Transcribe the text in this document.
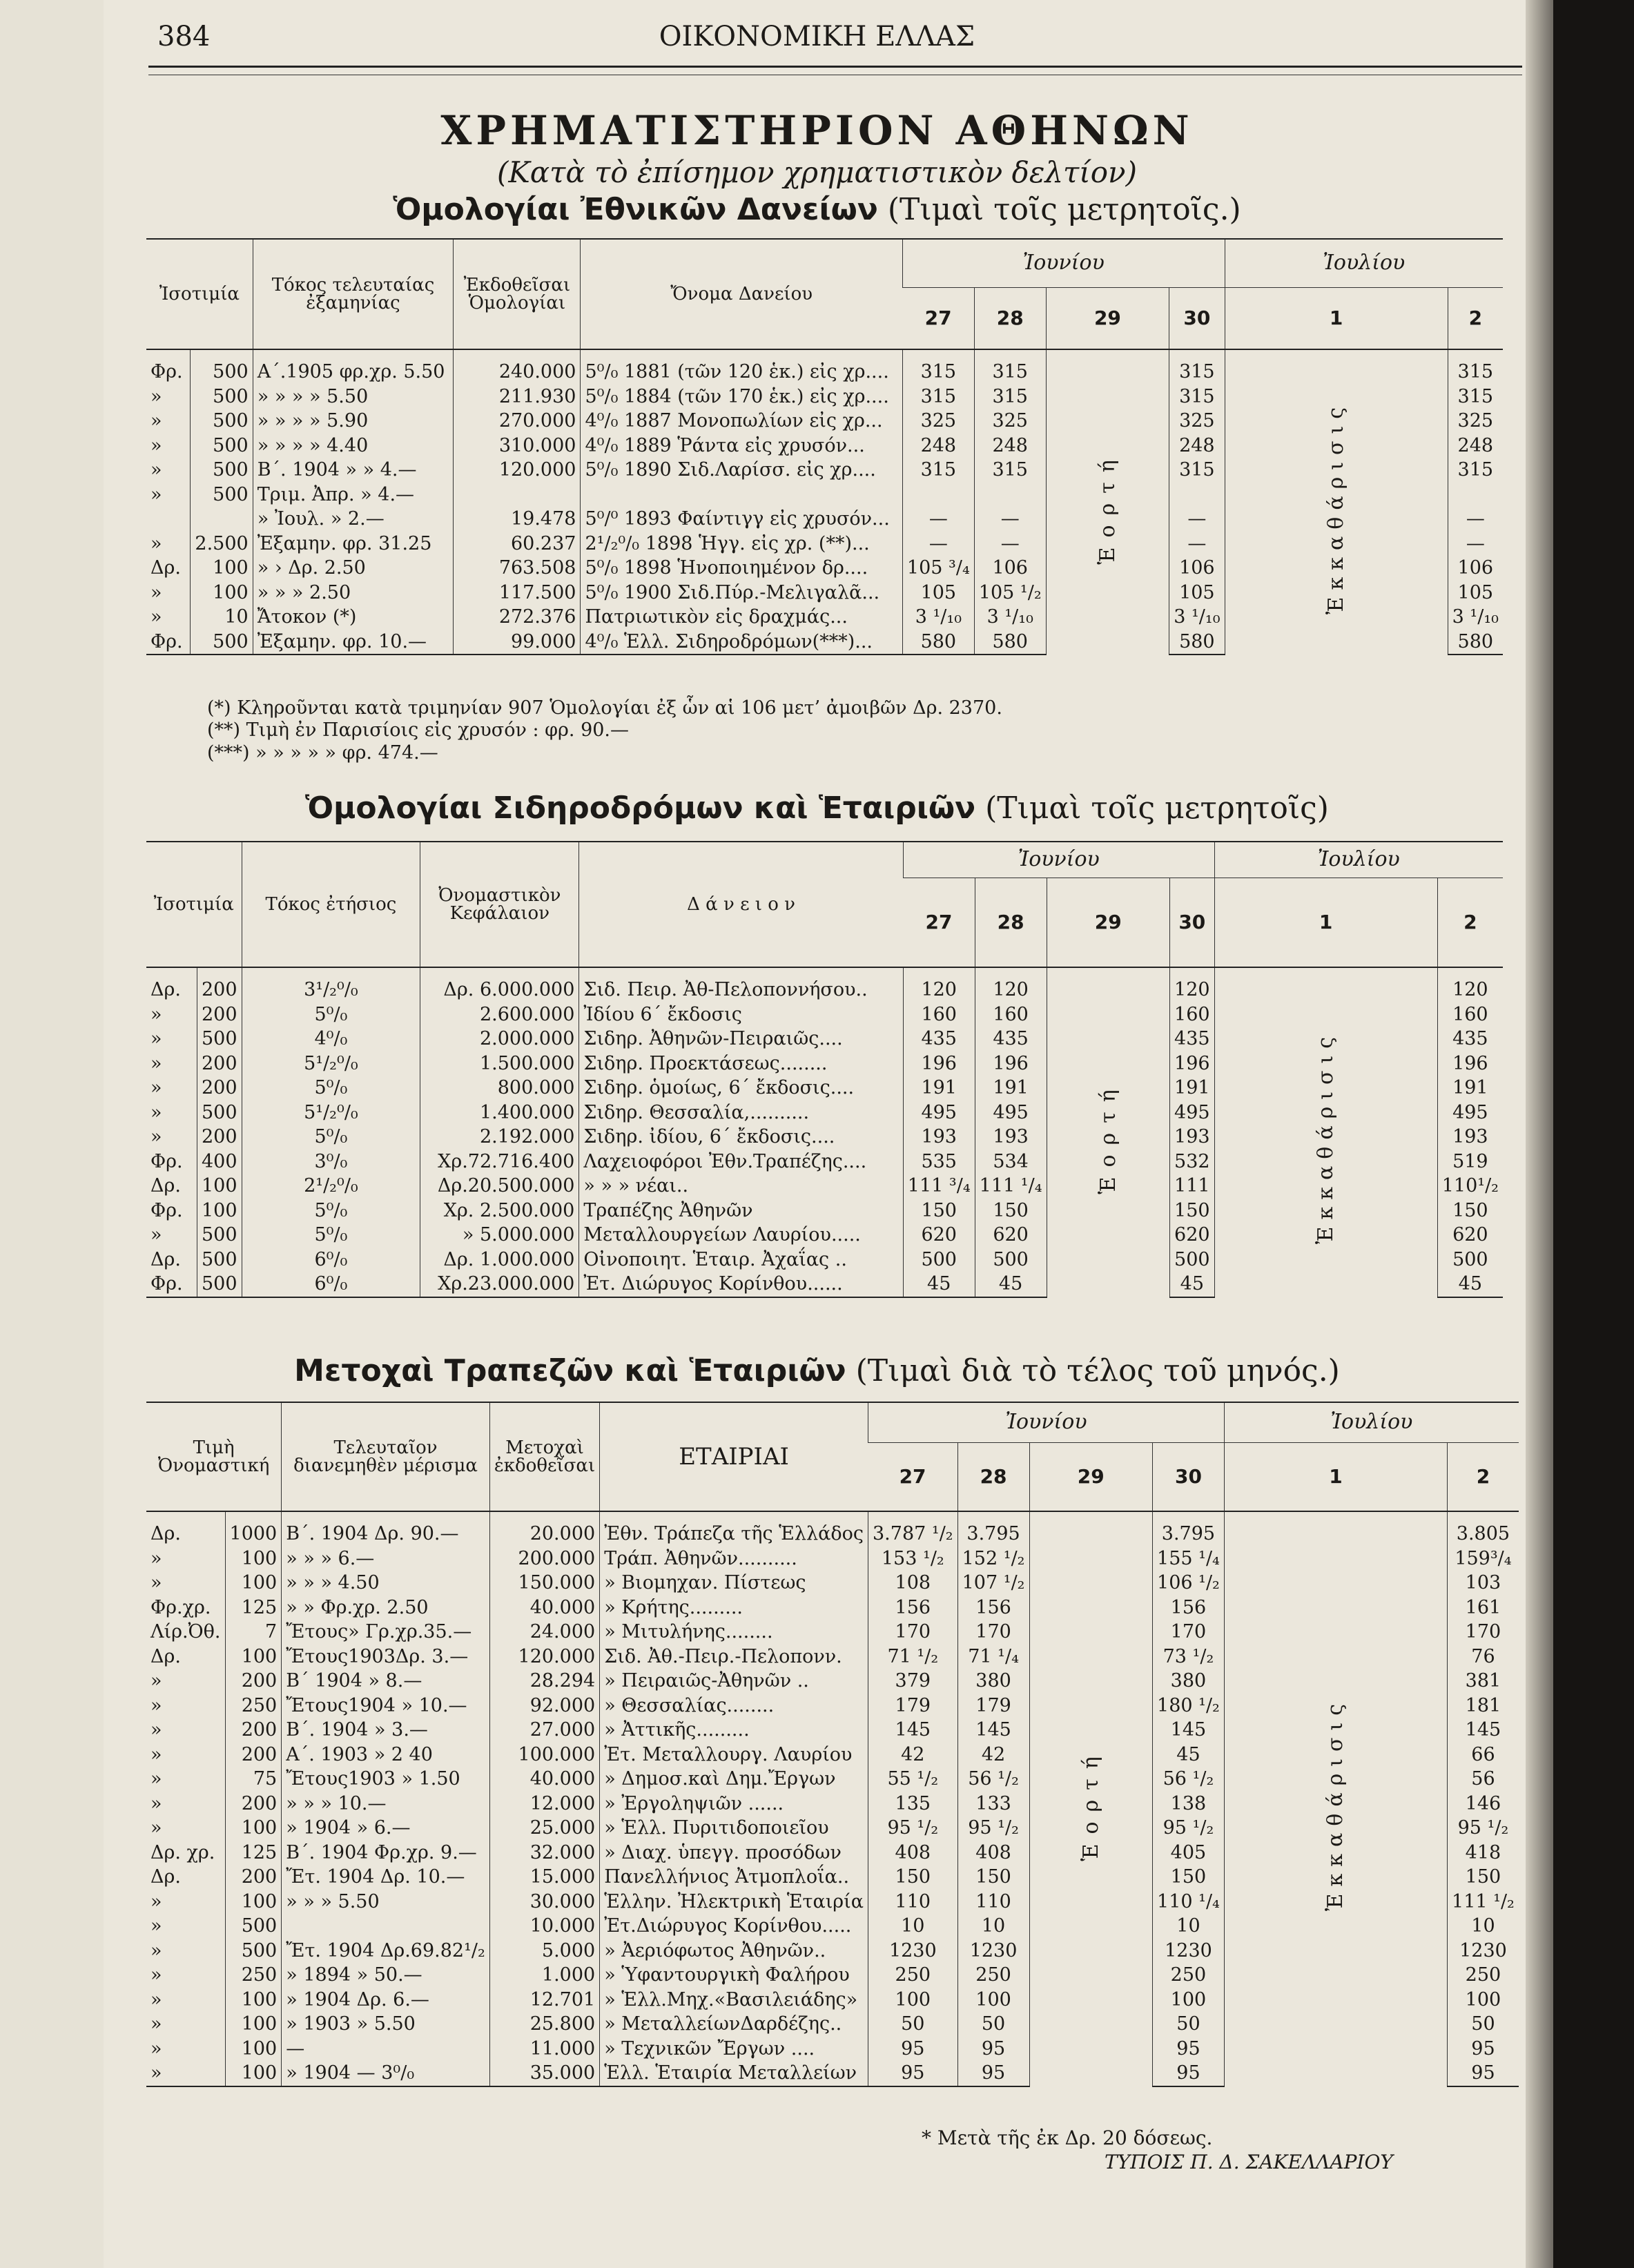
384	ΟΙΚΟΝΟΜΙΚΗ ΕΛΛΑΣ
ΧΡΗΜΑΤΙΣΤΗΡΙΟΝ ΑΘΗΝΩΝ
(Κατὰ τὸ ἐπίσημον χρηματιστικὸν δελτίον)
Ὁμολογίαι Ἐθνικῶν Δανείων (Τιμαὶ τοῖς μετρητοῖς.)
Ἰσοτιμία		Τόκος τελευταίας ἐξαμηνίας	Ἐκδοθεῖσαι Ὁμολογίαι	Ὄνομα Δανείου	Ἰουνίου				Ἰουλίου	
					27	28	29	30	1	2
Φρ.	500	Α΄.1905 φρ.χρ. 5.50	240.000	5⁰/₀ 1881 (τῶν 120 ἑκ.) εἰς χρ....	315	315	Ἑορτή	315	Ἐκκαθάρισις	315
»	500	» » » » 5.50	211.930	5⁰/₀ 1884 (τῶν 170 ἑκ.) εἰς χρ....	315	315		315		315
»	500	» » » » 5.90	270.000	4⁰/₀ 1887 Μονοπωλίων εἰς χρ...	325	325		325		325
»	500	» » » » 4.40	310.000	4⁰/₀ 1889 Ῥάντα εἰς χρυσόν...	248	248		248		248
»	500	Β΄. 1904 » » 4.—	120.000	5⁰/₀ 1890 Σιδ.Λαρίσσ. εἰς χρ....	315	315		315		315
»	500	Τριμ. Ἀπρ. » 4.—								
		» Ἰουλ. » 2.—	19.478	5⁰/⁰ 1893 Φαίντιγγ εἰς χρυσόν...	—	—		—		—
»	2.500	Ἐξαμην. φρ. 31.25	60.237	2¹/₂⁰/₀ 1898 Ἡγγ. εἰς χρ. (**)...	—	—		—		—
Δρ.	100	» › Δρ. 2.50	763.508	5⁰/₀ 1898 Ἡνοποιημένον δρ....	105 ³/₄	106		106		106
»	100	» » » 2.50	117.500	5⁰/₀ 1900 Σιδ.Πύρ.-Μελιγαλᾶ...	105	105 ¹/₂		105		105
»	10	Ἄτοκον (*)	272.376	Πατριωτικὸν εἰς δραχμάς...	3 ¹/₁₀	3 ¹/₁₀		3 ¹/₁₀		3 ¹/₁₀
Φρ.	500	Ἐξαμην. φρ. 10.—	99.000	4⁰/₀ Ἑλλ. Σιδηροδρόμων(***)...	580	580		580		580
(*) Κληροῦνται κατὰ τριμηνίαν 907 Ὁμολογίαι ἐξ ὧν αἱ 106 μετ’ ἀμοιβῶν Δρ. 2370.
(**) Τιμὴ ἐν Παρισίοις εἰς χρυσόν : φρ. 90.—
(***) » » » » » φρ. 474.—
Ὁμολογίαι Σιδηροδρόμων καὶ Ἑταιριῶν (Τιμαὶ τοῖς μετρητοῖς)
Ἰσοτιμία		Τόκος ἐτήσιος	Ὀνομαστικὸν Κεφάλαιον	Δ ά ν ε ι ο ν	Ἰουνίου				Ἰουλίου	
					27	28	29	30	1	2
Δρ.	200	3¹/₂⁰/₀	Δρ. 6.000.000	Σιδ. Πειρ. Ἀθ-Πελοποννήσου..	120	120	Ἑορτή	120	Ἐκκαθάρισις	120
»	200	5⁰/₀	2.600.000	Ἰδίου 6΄ ἔκδοσις	160	160		160		160
»	500	4⁰/₀	2.000.000	Σιδηρ. Ἀθηνῶν-Πειραιῶς....	435	435		435		435
»	200	5¹/₂⁰/₀	1.500.000	Σιδηρ. Προεκτάσεως........	196	196		196		196
»	200	5⁰/₀	800.000	Σιδηρ. ὁμοίως, 6΄ ἔκδοσις....	191	191		191		191
»	500	5¹/₂⁰/₀	1.400.000	Σιδηρ. Θεσσαλία,..........	495	495		495		495
»	200	5⁰/₀	2.192.000	Σιδηρ. ἰδίου, 6΄ ἔκδοσις....	193	193		193		193
Φρ.	400	3⁰/₀	Χρ.72.716.400	Λαχειοφόροι Ἐθν.Τραπέζης....	535	534		532		519
Δρ.	100	2¹/₂⁰/₀	Δρ.20.500.000	» » » νέαι..	111 ³/₄	111 ¹/₄		111		110¹/₂
Φρ.	100	5⁰/₀	Χρ. 2.500.000	Τραπέζης Ἀθηνῶν	150	150		150		150
»	500	5⁰/₀	» 5.000.000	Μεταλλουργείων Λαυρίου.....	620	620		620		620
Δρ.	500	6⁰/₀	Δρ. 1.000.000	Οἰνοποιητ. Ἑταιρ. Ἀχαΐας ..	500	500		500		500
Φρ.	500	6⁰/₀	Χρ.23.000.000	Ἐτ. Διώρυγος Κορίνθου......	45	45		45		45
Μετοχαὶ Τραπεζῶν καὶ Ἑταιριῶν (Τιμαὶ διὰ τὸ τέλος τοῦ μηνός.)
Τιμὴ Ὀνομαστική		Τελευταῖον διανεμηθὲν μέρισμα	Μετοχαὶ ἐκδοθεῖσαι	ΕΤΑΙΡΙΑΙ	Ἰουνίου				Ἰουλίου	
					27	28	29	30	1	2
Δρ.	1000	Β΄. 1904 Δρ. 90.—	20.000	Ἐθν. Τράπεζα τῆς Ἑλλάδος	3.787 ¹/₂	3.795	Ἑορτή	3.795	Ἐκκαθάρισις	3.805
»	100	» » » 6.—	200.000	Τράπ. Ἀθηνῶν..........	153 ¹/₂	152 ¹/₂		155 ¹/₄		159³/₄
»	100	» » » 4.50	150.000	» Βιομηχαν. Πίστεως	108	107 ¹/₂		106 ¹/₂		103
Φρ.χρ.	125	» » Φρ.χρ. 2.50	40.000	» Κρήτης.........	156	156		156		161
Λίρ.Ὀθ.	7	Ἔτους» Γρ.χρ.35.—	24.000	» Μιτυλήνης........	170	170		170		170
Δρ.	100	Ἔτους1903Δρ. 3.—	120.000	Σιδ. Ἀθ.-Πειρ.-Πελοπονν.	71 ¹/₂	71 ¹/₄		73 ¹/₂		76
»	200	Β΄ 1904 » 8.—	28.294	» Πειραιῶς-Ἀθηνῶν ..	379	380		380		381
»	250	Ἔτους1904 » 10.—	92.000	» Θεσσαλίας........	179	179		180 ¹/₂		181
»	200	Β΄. 1904 » 3.—	27.000	» Ἀττικῆς.........	145	145		145		145
»	200	Α΄. 1903 » 2 40	100.000	Ἐτ. Μεταλλουργ. Λαυρίου	42	42		45		66
»	75	Ἔτους1903 » 1.50	40.000	» Δημοσ.καὶ Δημ.Ἔργων	55 ¹/₂	56 ¹/₂		56 ¹/₂		56
»	200	» » » 10.—	12.000	» Ἐργοληψιῶν ......	135	133		138		146
»	100	» 1904 » 6.—	25.000	» Ἑλλ. Πυριτιδοποιεῖου	95 ¹/₂	95 ¹/₂		95 ¹/₂		95 ¹/₂
Δρ. χρ.	125	Β΄. 1904 Φρ.χρ. 9.—	32.000	» Διαχ. ὑπεγγ. προσόδων	408	408		405		418
Δρ.	200	Ἔτ. 1904 Δρ. 10.—	15.000	Πανελλήνιος Ἀτμοπλοΐα..	150	150		150		150
»	100	» » » 5.50	30.000	Ἑλλην. Ἠλεκτρικὴ Ἑταιρία	110	110		110 ¹/₄		111 ¹/₂
»	500		10.000	Ἐτ.Διώρυγος Κορίνθου.....	10	10		10		10
»	500	Ἔτ. 1904 Δρ.69.82¹/₂	5.000	» Ἀεριόφωτος Ἀθηνῶν..	1230	1230		1230		1230
»	250	» 1894 » 50.—	1.000	» Ὑφαντουργικὴ Φαλήρου	250	250		250		250
»	100	» 1904 Δρ. 6.—	12.701	» Ἑλλ.Μηχ.«Βασιλειάδης»	100	100		100		100
»	100	» 1903 » 5.50	25.800	» ΜεταλλείωνΔαρδέζης..	50	50		50		50
»	100	—	11.000	» Τεχνικῶν Ἔργων ....	95	95		95		95
»	100	» 1904 — 3⁰/₀	35.000	Ἑλλ. Ἑταιρία Μεταλλείων	95	95		95		95
* Μετὰ τῆς ἐκ Δρ. 20 δόσεως.
ΤΥΠΟΙΣ Π. Δ. ΣΑΚΕΛΛΑΡΙΟΥ
